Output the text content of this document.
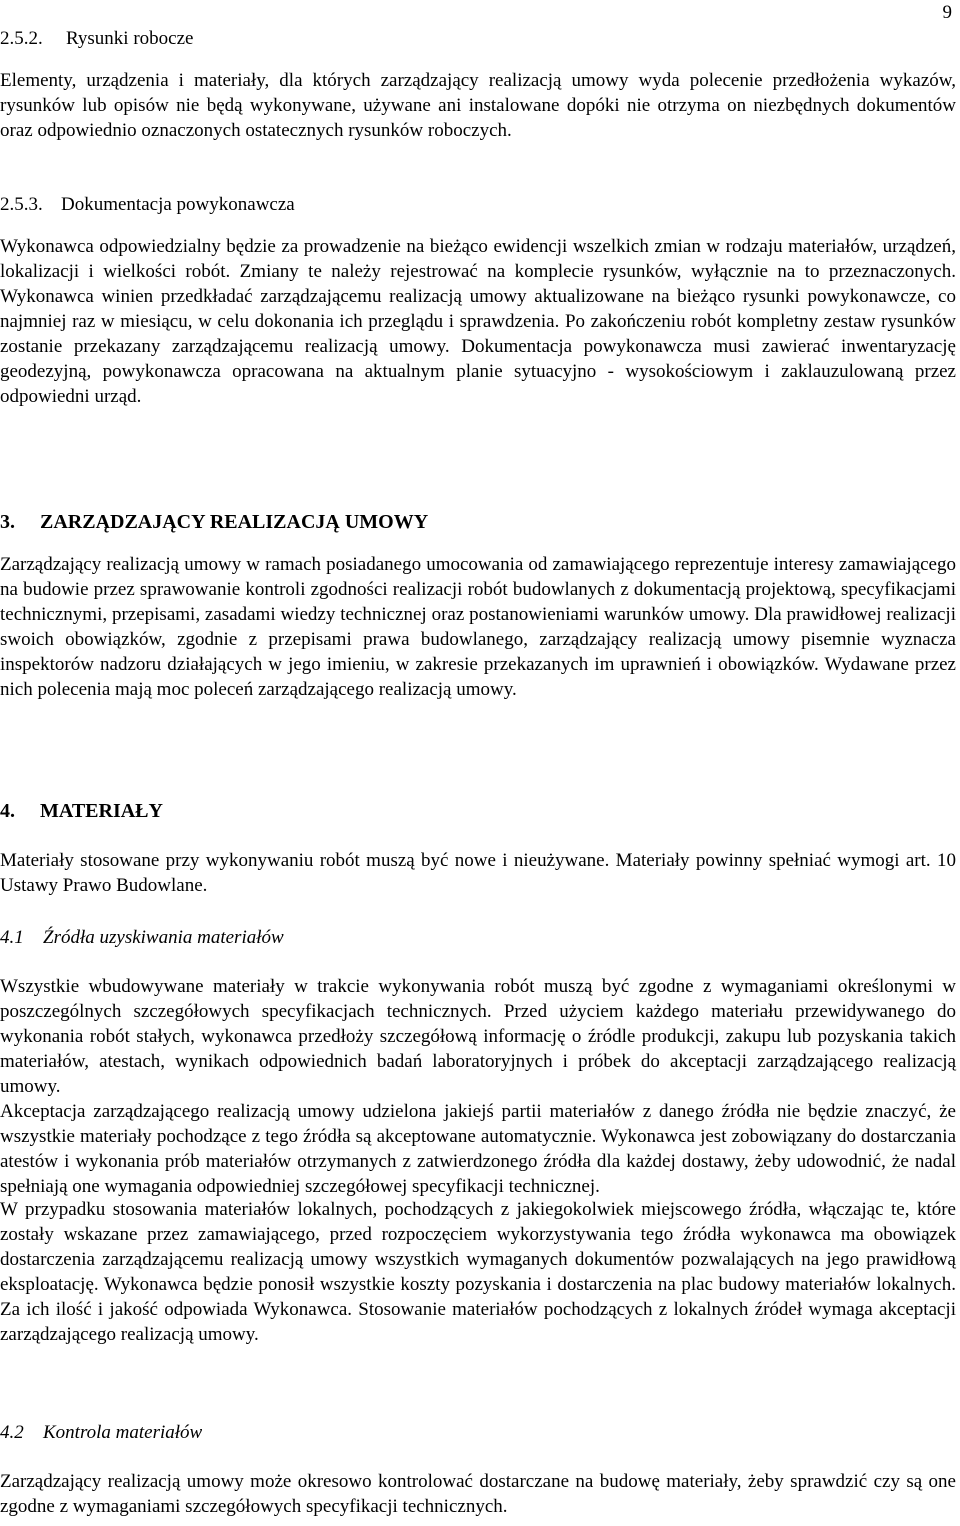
9
2.5.2. Rysunki robocze

Elementy, urządzenia i materiały, dla których zarządzający realizacją umowy wyda polecenie przedłożenia wykazów, rysunków lub opisów nie będą wykonywane, używane ani instalowane dopóki nie otrzyma on niezbędnych dokumentów oraz odpowiednio oznaczonych ostatecznych rysunków roboczych.

2.5.3. Dokumentacja powykonawcza

Wykonawca odpowiedzialny będzie za prowadzenie na bieżąco ewidencji wszelkich zmian w rodzaju materiałów, urządzeń, lokalizacji i wielkości robót. Zmiany te należy rejestrować na komplecie rysunków, wyłącznie na to przeznaczonych. Wykonawca winien przedkładać zarządzającemu realizacją umowy aktualizowane na bieżąco rysunki powykonawcze, co najmniej raz w miesiącu, w celu dokonania ich przeglądu i sprawdzenia. Po zakończeniu robót kompletny zestaw rysunków zostanie przekazany zarządzającemu realizacją umowy. Dokumentacja powykonawcza musi zawierać inwentaryzację geodezyjną, powykonawcza opracowana na aktualnym planie sytuacyjno - wysokościowym i zaklauzulowaną przez odpowiedni urząd.

3. ZARZĄDZAJĄCY REALIZACJĄ UMOWY

Zarządzający realizacją umowy w ramach posiadanego umocowania od zamawiającego reprezentuje interesy zamawiającego na budowie przez sprawowanie kontroli zgodności realizacji robót budowlanych z dokumentacją projektową, specyfikacjami technicznymi, przepisami, zasadami wiedzy technicznej oraz postanowieniami warunków umowy. Dla prawidłowej realizacji swoich obowiązków, zgodnie z przepisami prawa budowlanego, zarządzający realizacją umowy pisemnie wyznacza inspektorów nadzoru działających w jego imieniu, w zakresie przekazanych im uprawnień i obowiązków. Wydawane przez nich polecenia mają moc poleceń zarządzającego realizacją umowy.

4. MATERIAŁY

Materiały stosowane przy wykonywaniu robót muszą być nowe i nieużywane. Materiały powinny spełniać wymogi art. 10 Ustawy Prawo Budowlane.

4.1 Źródła uzyskiwania materiałów

Wszystkie wbudowywane materiały w trakcie wykonywania robót muszą być zgodne z wymaganiami określonymi w poszczególnych szczegółowych specyfikacjach technicznych. Przed użyciem każdego materiału przewidywanego do wykonania robót stałych, wykonawca przedłoży szczegółową informację o źródle produkcji, zakupu lub pozyskania takich materiałów, atestach, wynikach odpowiednich badań laboratoryjnych i próbek do akceptacji zarządzającego realizacją umowy.

Akceptacja zarządzającego realizacją umowy udzielona jakiejś partii materiałów z danego źródła nie będzie znaczyć, że wszystkie materiały pochodzące z tego źródła są akceptowane automatycznie. Wykonawca jest zobowiązany do dostarczania atestów i wykonania prób materiałów otrzymanych z zatwierdzonego źródła dla każdej dostawy, żeby udowodnić, że nadal spełniają one wymagania odpowiedniej szczegółowej specyfikacji technicznej.

W przypadku stosowania materiałów lokalnych, pochodzących z jakiegokolwiek miejscowego źródła, włączając te, które zostały wskazane przez zamawiającego, przed rozpoczęciem wykorzystywania tego źródła wykonawca ma obowiązek dostarczenia zarządzającemu realizacją umowy wszystkich wymaganych dokumentów pozwalających na jego prawidłową eksploatację. Wykonawca będzie ponosił wszystkie koszty pozyskania i dostarczenia na plac budowy materiałów lokalnych. Za ich ilość i jakość odpowiada Wykonawca. Stosowanie materiałów pochodzących z lokalnych źródeł wymaga akceptacji zarządzającego realizacją umowy.

4.2 Kontrola materiałów

Zarządzający realizacją umowy może okresowo kontrolować dostarczane na budowę materiały, żeby sprawdzić czy są one zgodne z wymaganiami szczegółowych specyfikacji technicznych.
